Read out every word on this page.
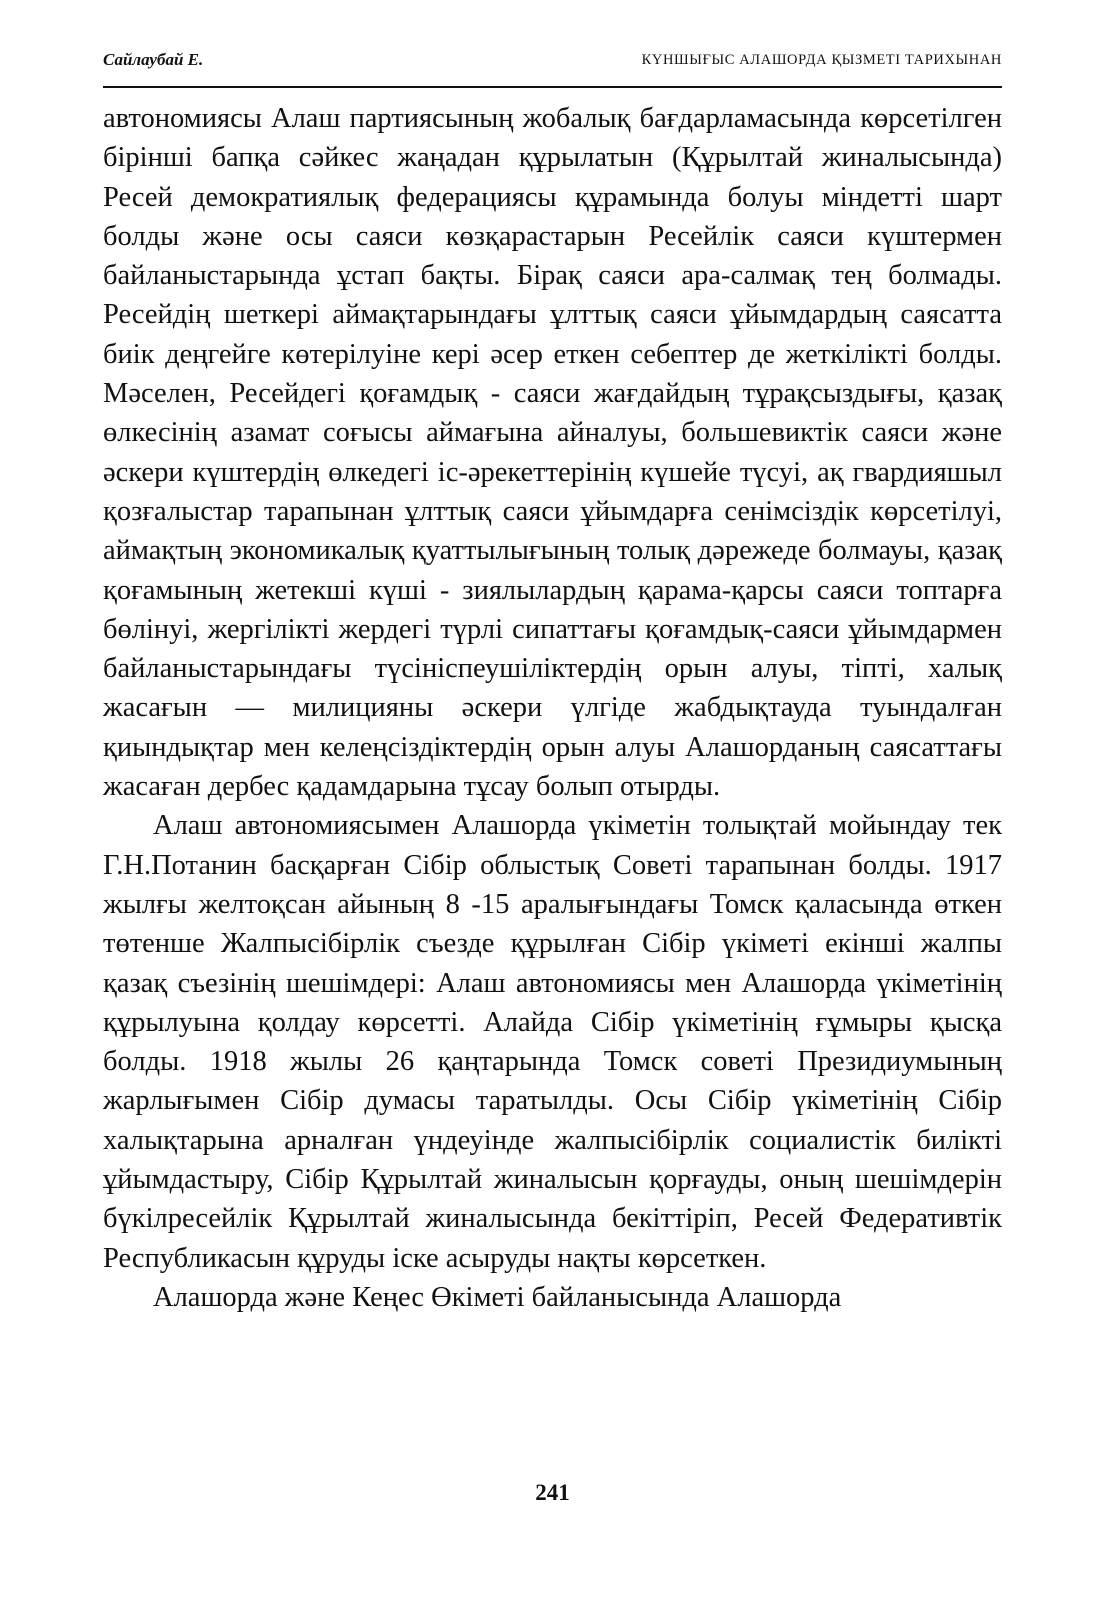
Сайлаубай Е.	КҮНШЫҒЫС АЛАШОРДА ҚЫЗМЕТІ ТАРИХЫНАН

автономиясы Алаш партиясының жобалық бағдарламасында көрсетілген бірінші бапқа сәйкес жаңадан құрылатын (Құрылтай жиналысында) Ресей демократиялық федерациясы құрамында болуы міндетті шарт болды және осы саяси көзқарастарын Ресейлік саяси күштермен байланыстарында ұстап бақты. Бірақ саяси ара-салмақ тең болмады. Ресейдің шеткері аймақтарындағы ұлттық саяси ұйымдардың саясатта биік деңгейге көтерілуіне кері әсер еткен себептер де жеткілікті болды. Мәселен, Ресейдегі қоғамдық - саяси жағдайдың тұрақсыздығы, қазақ өлкесінің азамат соғысы аймағына айналуы, большевиктік саяси және әскери күштердің өлкедегі іс-әрекеттерінің күшейе түсуі, ақ гвардияшыл қозғалыстар тарапынан ұлттық саяси ұйымдарға сенімсіздік көрсетілуі, аймақтың экономикалық қуаттылығының толық дәрежеде болмауы, қазақ қоғамының жетекші күші - зиялылардың қарама-қарсы саяси топтарға бөлінуі, жергілікті жердегі түрлі сипаттағы қоғамдық-саяси ұйымдармен байланыстарындағы түсініспеушіліктердің орын алуы, тіпті, халық жасағын — милицияны әскери үлгіде жабдықтауда туындалған қиындықтар мен келеңсіздіктердің орын алуы Алашорданың саясаттағы жасаған дербес қадамдарына тұсау болып отырды.

Алаш автономиясымен Алашорда үкіметін толықтай мойындау тек Г.Н.Потанин басқарған Сібір облыстық Советі тарапынан болды. 1917 жылғы желтоқсан айының 8 -15 аралығындағы Томск қаласында өткен төтенше Жалпысібірлік съезде құрылған Сібір үкіметі екінші жалпы қазақ съезінің шешімдері: Алаш автономиясы мен Алашорда үкіметінің құрылуына қолдау көрсетті. Алайда Сібір үкіметінің ғұмыры қысқа болды. 1918 жылы 26 қаңтарында Томск советі Президиумының жарлығымен Сібір думасы таратылды. Осы Сібір үкіметінің Сібір халықтарына арналған үндеуінде жалпысібірлік социалистік билікті ұйымдастыру, Сібір Құрылтай жиналысын қорғауды, оның шешімдерін бүкілресейлік Құрылтай жиналысында бекіттіріп, Ресей Федеративтік Республикасын құруды іске асыруды нақты көрсеткен.

Алашорда және Кеңес Өкіметі байланысында Алашорда

241
